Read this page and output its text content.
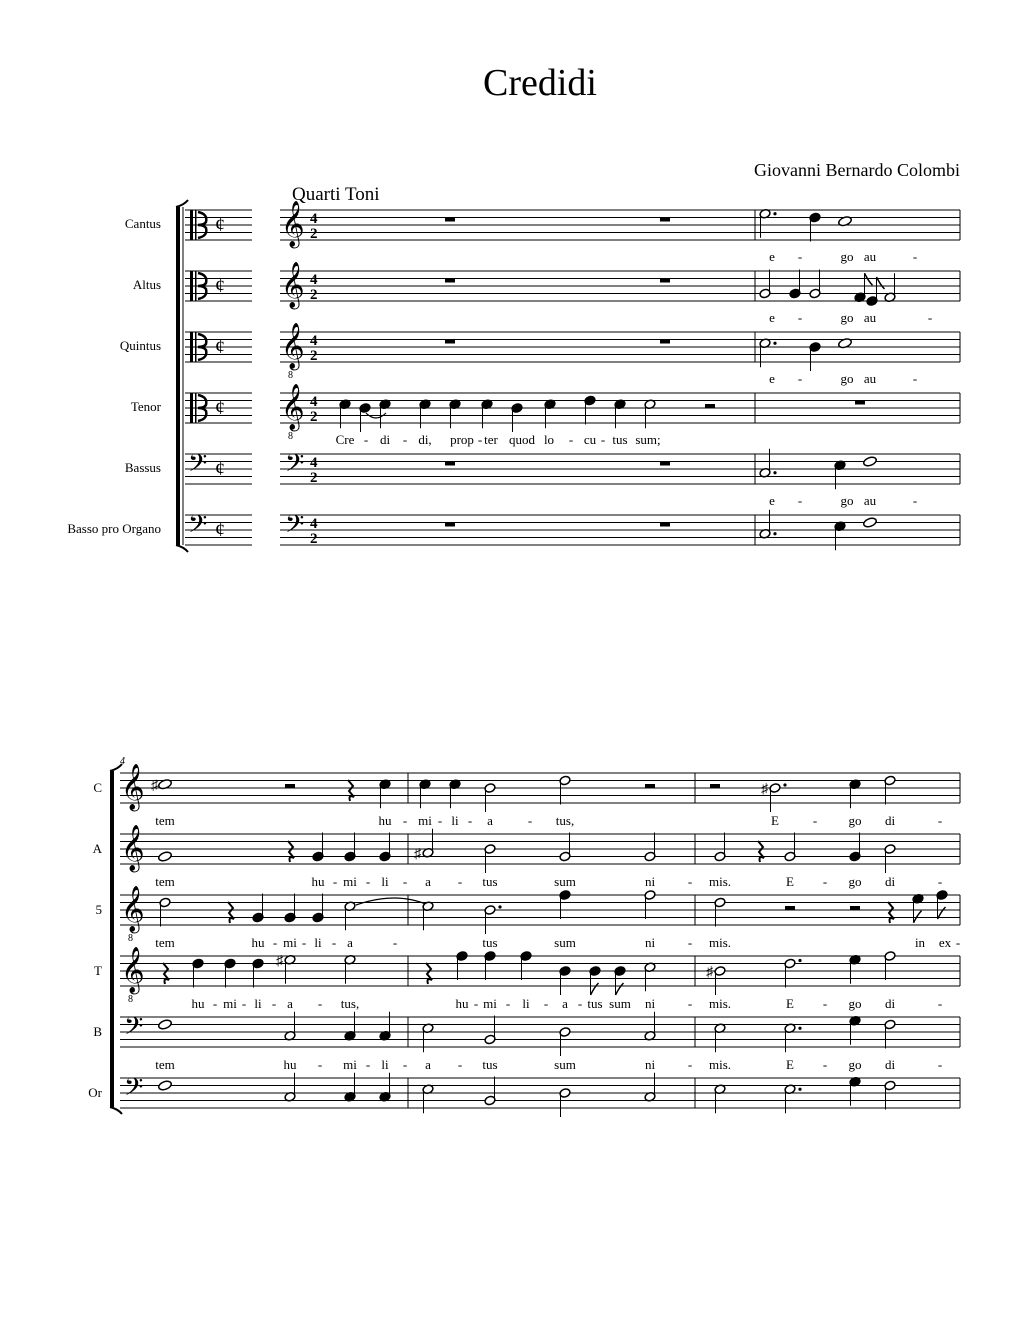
Credidi
Giovanni Bernardo Colombi
Quarti Toni
Cantus
Altus
Quintus
Tenor
Bassus
Basso pro Organo
C
A
5
T
B
Or
4
¢ 𝄞 4
2
¢ 𝄞 4
2
¢ 𝄞
8
4
2
¢ 𝄞
8
4
2
𝄢 ¢ 𝄢 4
2
𝄢 ¢ 𝄢 4
2
e -	go au	-
e -	go au	-
e -	go au	-
Cre - di - di, prop - ter quod lo - cu - tus sum;
e -	go au	-
𝄞
𝄞
𝄞
8
𝄞
8
𝄢
𝄢
♯	♯
♯
♯
♯
tem	hu - mi - li - a	- tus,	E	- go di	-
tem	hu - mi - li - a - tus	sum	ni	- mis.	E - go di	-
tem	hu - mi - li - a	-	tus	sum	ni	- mis.	in ex -
hu - mi - li - a - tus,	hu - mi - li - a - tus sum ni	- mis.	E - go di	-
tem	hu - mi - li - a - tus	sum	ni	- mis.	E - go di	-
